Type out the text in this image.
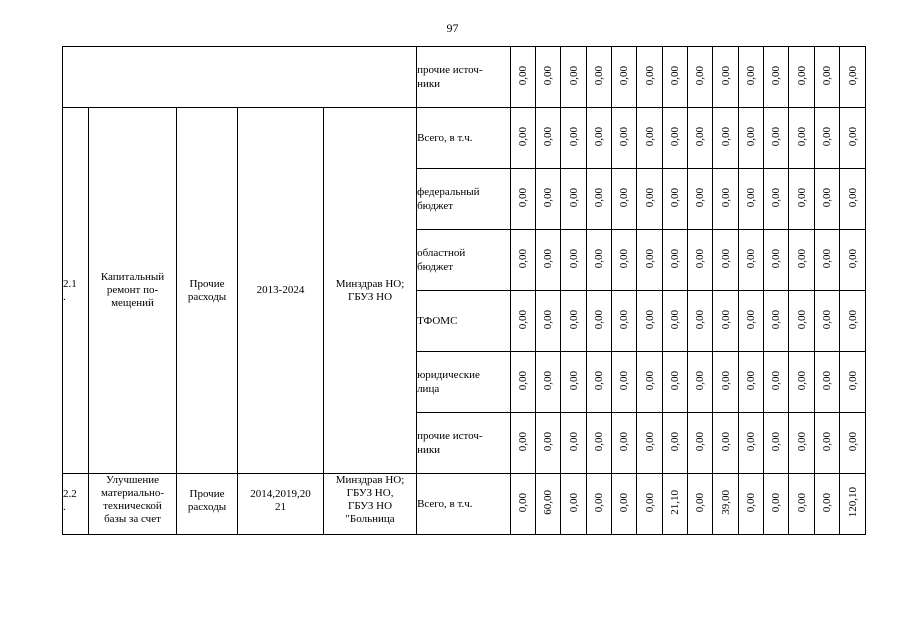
97
					прочие источ-
ники	0,00	0,00	0,00	0,00	0,00	0,00	0,00	0,00	0,00	0,00	0,00	0,00	0,00	0,00
2.1
.	Капитальный
ремонт по-
мещений	Прочие
расходы	2013-2024	Минздрав НО;
ГБУЗ НО	Всего, в т.ч.	0,00	0,00	0,00	0,00	0,00	0,00	0,00	0,00	0,00	0,00	0,00	0,00	0,00	0,00
					федеральный
бюджет	0,00	0,00	0,00	0,00	0,00	0,00	0,00	0,00	0,00	0,00	0,00	0,00	0,00	0,00
					областной
бюджет	0,00	0,00	0,00	0,00	0,00	0,00	0,00	0,00	0,00	0,00	0,00	0,00	0,00	0,00
					ТФОМС	0,00	0,00	0,00	0,00	0,00	0,00	0,00	0,00	0,00	0,00	0,00	0,00	0,00	0,00
					юридические
лица	0,00	0,00	0,00	0,00	0,00	0,00	0,00	0,00	0,00	0,00	0,00	0,00	0,00	0,00
					прочие источ-
ники	0,00	0,00	0,00	0,00	0,00	0,00	0,00	0,00	0,00	0,00	0,00	0,00	0,00	0,00
2.2
.	Улучшение
материально-
технической
базы за счет	Прочие
расходы	2014,2019,20
21	Минздрав НО;
ГБУЗ НО,
ГБУЗ НО
"Больница	Всего, в т.ч.	0,00	60,00	0,00	0,00	0,00	0,00	21,10	0,00	39,00	0,00	0,00	0,00	0,00	120,10
